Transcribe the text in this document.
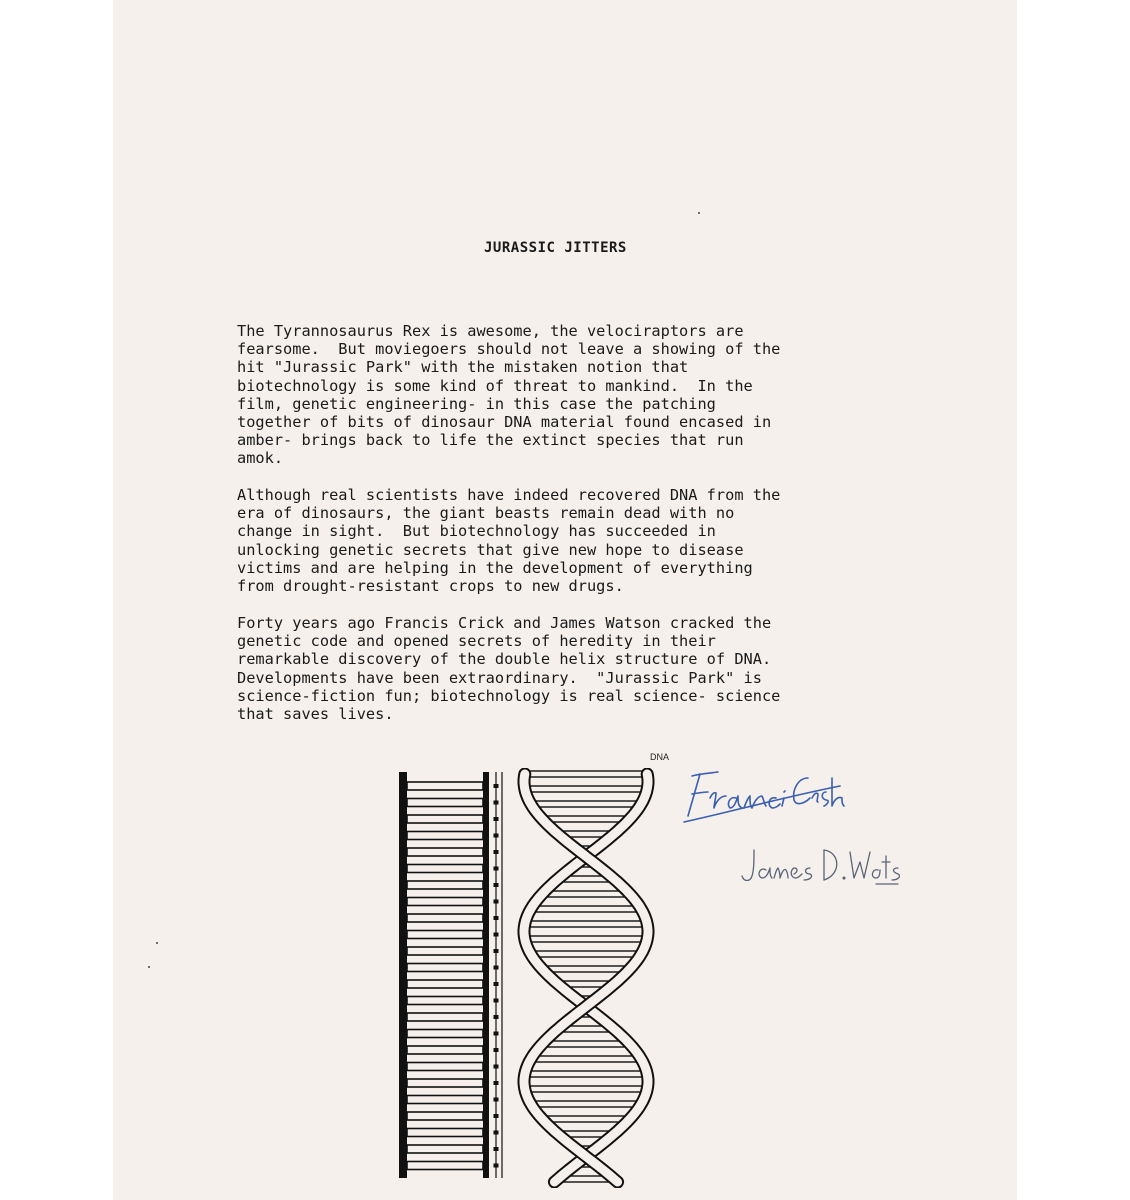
JURASSIC JITTERS

The Tyrannosaurus Rex is awesome, the velociraptors are
fearsome.  But moviegoers should not leave a showing of the
hit "Jurassic Park" with the mistaken notion that
biotechnology is some kind of threat to mankind.  In the
film, genetic engineering- in this case the patching
together of bits of dinosaur DNA material found encased in
amber- brings back to life the extinct species that run
amok.

Although real scientists have indeed recovered DNA from the
era of dinosaurs, the giant beasts remain dead with no
change in sight.  But biotechnology has succeeded in
unlocking genetic secrets that give new hope to disease
victims and are helping in the development of everything
from drought-resistant crops to new drugs.

Forty years ago Francis Crick and James Watson cracked the
genetic code and opened secrets of heredity in their
remarkable discovery of the double helix structure of DNA.
Developments have been extraordinary.  "Jurassic Park" is
science-fiction fun; biotechnology is real science- science
that saves lives.

DNA
